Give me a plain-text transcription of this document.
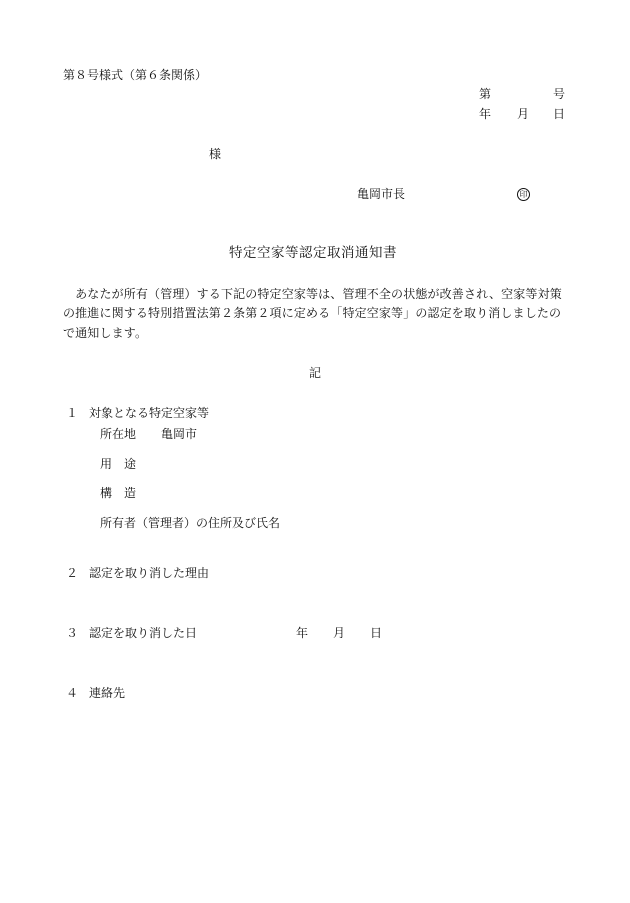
第８号様式（第６条関係）
第	号
年 月 日
様
亀岡市長	印
特定空家等認定取消通知書
　あなたが所有（管理）する下記の特定空家等は、管理不全の状態が改善され、空家等対策
の推進に関する特別措置法第２条第２項に定める「特定空家等」の認定を取り消しましたの
で通知します。
記
１ 対象となる特定空家等
所在地 亀岡市
用　途
構　造
所有者（管理者）の住所及び氏名
２ 認定を取り消した理由
３ 認定を取り消した日	年 月 日
４ 連絡先
